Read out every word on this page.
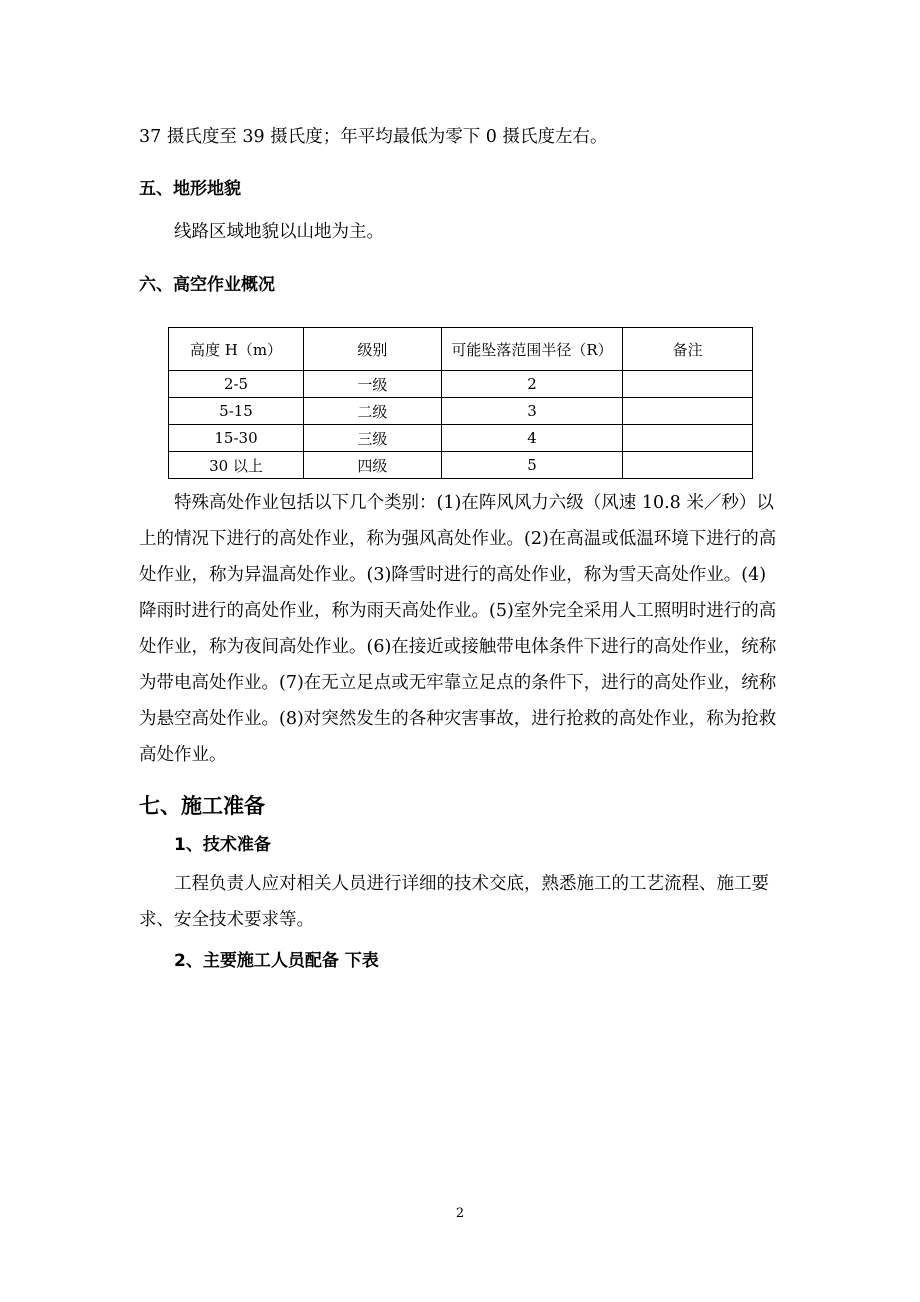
37 摄氏度至 39 摄氏度；年平均最低为零下 0 摄氏度左右。

五、地形地貌

线路区域地貌以山地为主。

六、高空作业概况
高度 H（m）	级别	可能坠落范围半径（R）	备注
2-5	一级	2	
5-15	二级	3	
15-30	三级	4	
30 以上	四级	5	

特殊高处作业包括以下几个类别：(1)在阵风风力六级（风速 10.8 米／秒）以上的情况下进行的高处作业，称为强风高处作业。(2)在高温或低温环境下进行的高处作业，称为异温高处作业。(3)降雪时进行的高处作业，称为雪天高处作业。(4)降雨时进行的高处作业，称为雨天高处作业。(5)室外完全采用人工照明时进行的高处作业，称为夜间高处作业。(6)在接近或接触带电体条件下进行的高处作业，统称为带电高处作业。(7)在无立足点或无牢靠立足点的条件下，进行的高处作业，统称为悬空高处作业。(8)对突然发生的各种灾害事故，进行抢救的高处作业，称为抢救高处作业。

七、施工准备
1、技术准备

工程负责人应对相关人员进行详细的技术交底，熟悉施工的工艺流程、施工要求、安全技术要求等。

2、主要施工人员配备 下表
2
